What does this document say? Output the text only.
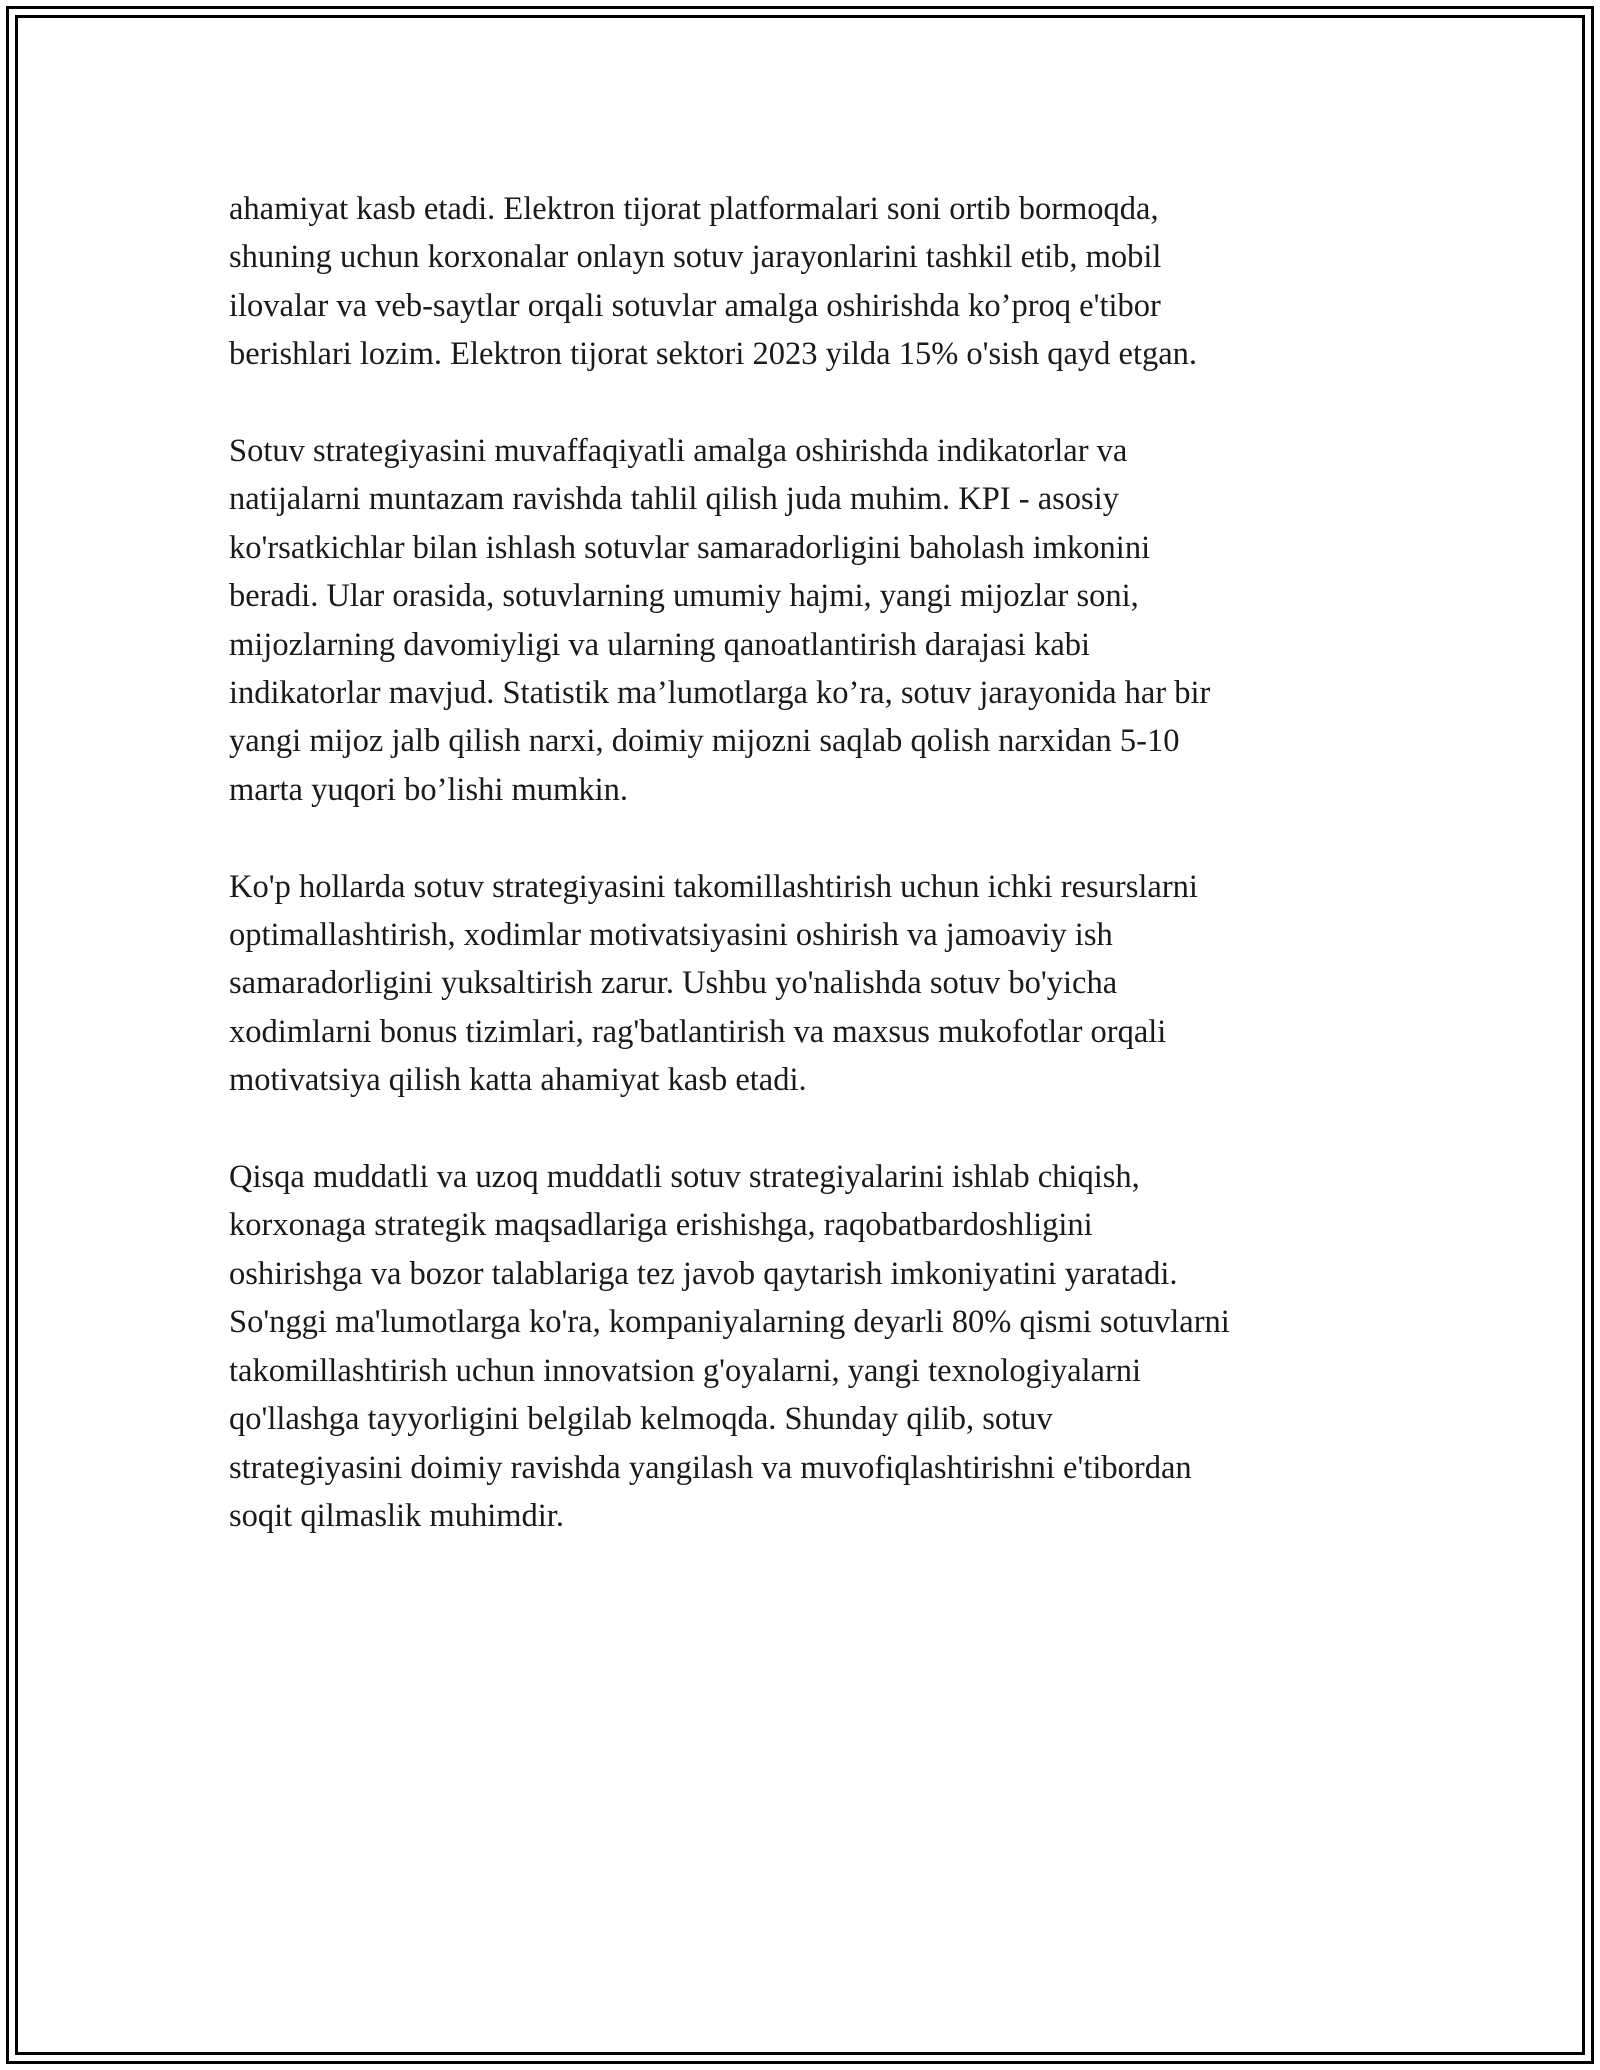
ahamiyat kasb etadi. Elektron tijorat platformalari soni ortib bormoqda,
shuning uchun korxonalar onlayn sotuv jarayonlarini tashkil etib, mobil
ilovalar va veb-saytlar orqali sotuvlar amalga oshirishda ko’proq e'tibor
berishlari lozim. Elektron tijorat sektori 2023 yilda 15% o'sish qayd etgan.

Sotuv strategiyasini muvaffaqiyatli amalga oshirishda indikatorlar va
natijalarni muntazam ravishda tahlil qilish juda muhim. KPI - asosiy
ko'rsatkichlar bilan ishlash sotuvlar samaradorligini baholash imkonini
beradi. Ular orasida, sotuvlarning umumiy hajmi, yangi mijozlar soni,
mijozlarning davomiyligi va ularning qanoatlantirish darajasi kabi
indikatorlar mavjud. Statistik ma’lumotlarga ko’ra, sotuv jarayonida har bir
yangi mijoz jalb qilish narxi, doimiy mijozni saqlab qolish narxidan 5-10
marta yuqori bo’lishi mumkin.

Ko'p hollarda sotuv strategiyasini takomillashtirish uchun ichki resurslarni
optimallashtirish, xodimlar motivatsiyasini oshirish va jamoaviy ish
samaradorligini yuksaltirish zarur. Ushbu yo'nalishda sotuv bo'yicha
xodimlarni bonus tizimlari, rag'batlantirish va maxsus mukofotlar orqali
motivatsiya qilish katta ahamiyat kasb etadi.

Qisqa muddatli va uzoq muddatli sotuv strategiyalarini ishlab chiqish,
korxonaga strategik maqsadlariga erishishga, raqobatbardoshligini
oshirishga va bozor talablariga tez javob qaytarish imkoniyatini yaratadi.
So'nggi ma'lumotlarga ko'ra, kompaniyalarning deyarli 80% qismi sotuvlarni
takomillashtirish uchun innovatsion g'oyalarni, yangi texnologiyalarni
qo'llashga tayyorligini belgilab kelmoqda. Shunday qilib, sotuv
strategiyasini doimiy ravishda yangilash va muvofiqlashtirishni e'tibordan
soqit qilmaslik muhimdir.
